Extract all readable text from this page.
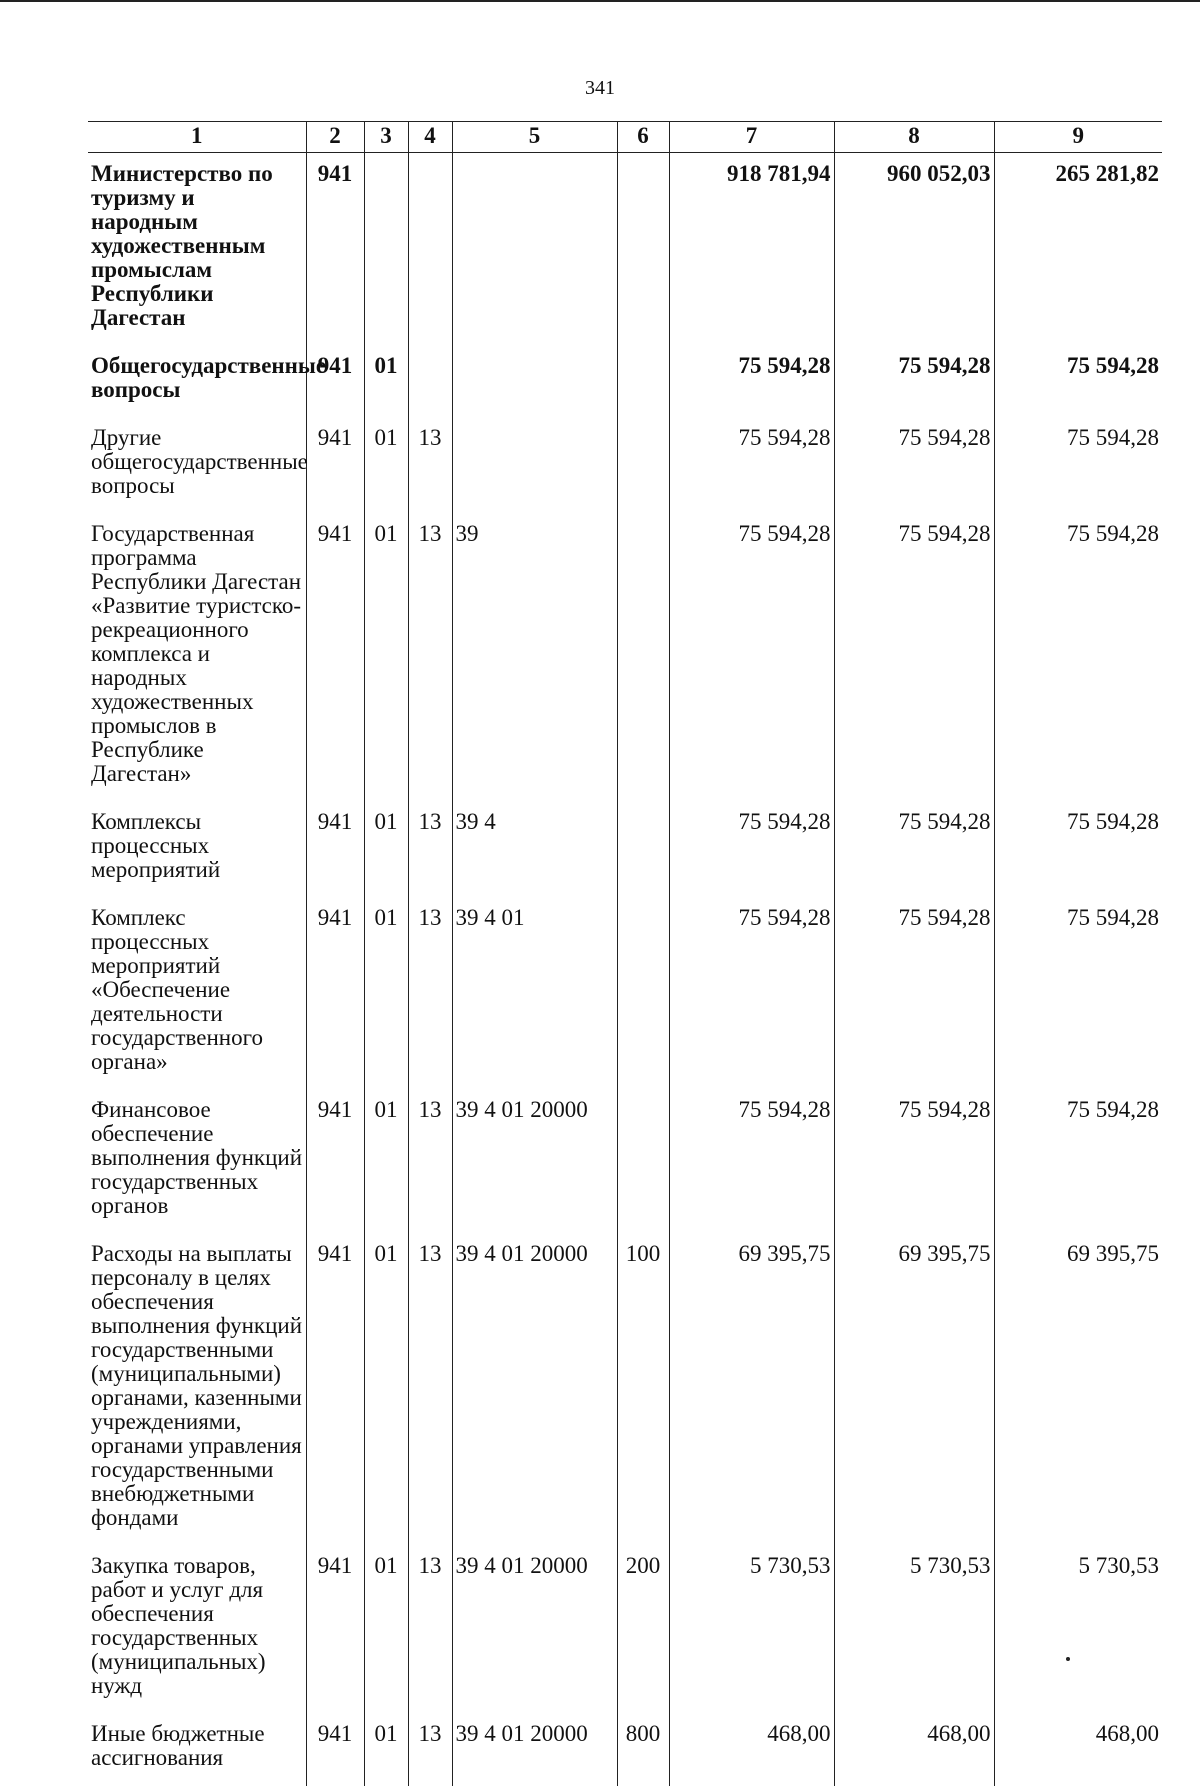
341
1	2	3	4	5	6	7	8	9
Министерство по туризму и народным художественным промыслам Республики Дагестан	941					918 781,94	960 052,03	265 281,82
Общегосударственные вопросы	941	01				75 594,28	75 594,28	75 594,28
Другие общегосударственные вопросы	941	01	13			75 594,28	75 594,28	75 594,28
Государственная программа Республики Дагестан «Развитие туристско-рекреационного комплекса и народных художественных промыслов в Республике Дагестан»	941	01	13	39		75 594,28	75 594,28	75 594,28
Комплексы процессных мероприятий	941	01	13	39 4		75 594,28	75 594,28	75 594,28
Комплекс процессных мероприятий «Обеспечение деятельности государственного органа»	941	01	13	39 4 01		75 594,28	75 594,28	75 594,28
Финансовое обеспечение выполнения функций государственных органов	941	01	13	39 4 01 20000		75 594,28	75 594,28	75 594,28
Расходы на выплаты персоналу в целях обеспечения выполнения функций государственными (муниципальными) органами, казенными учреждениями, органами управления государственными внебюджетными фондами	941	01	13	39 4 01 20000	100	69 395,75	69 395,75	69 395,75
Закупка товаров, работ и услуг для обеспечения государственных (муниципальных) нужд	941	01	13	39 4 01 20000	200	5 730,53	5 730,53	5 730,53
Иные бюджетные ассигнования	941	01	13	39 4 01 20000	800	468,00	468,00	468,00
